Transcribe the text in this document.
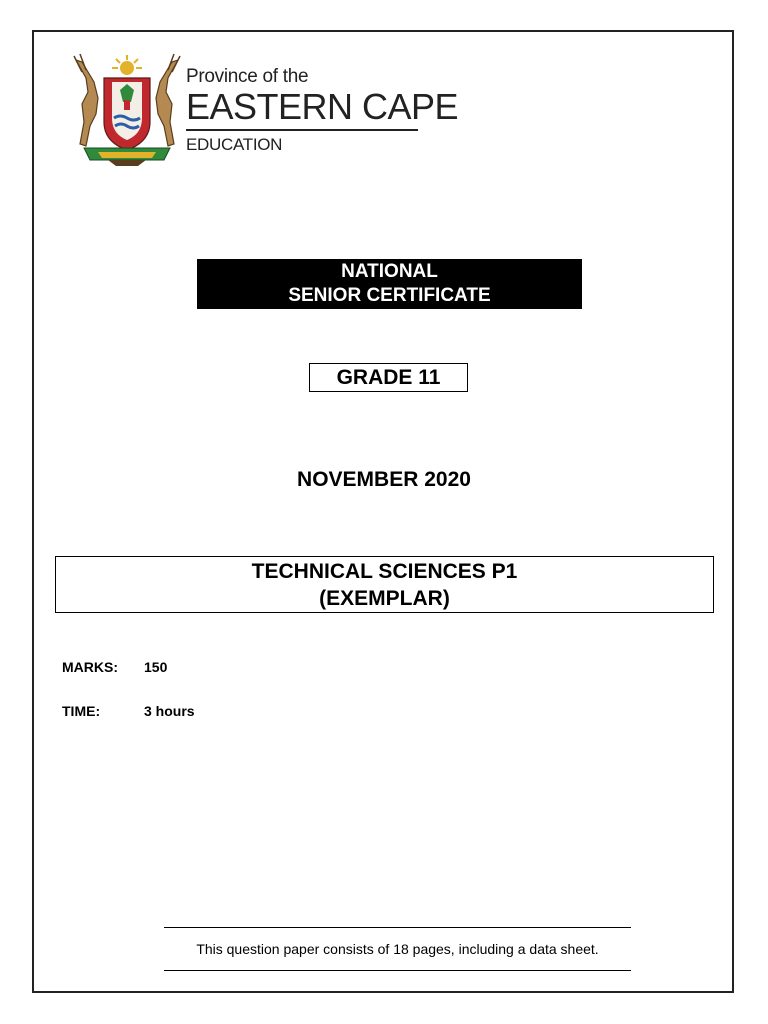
Province of the
EASTERN CAPE
EDUCATION
NATIONAL
SENIOR CERTIFICATE
GRADE 11
NOVEMBER 2020
TECHNICAL SCIENCES P1
(EXEMPLAR)
MARKS: 150
TIME:	3 hours
This question paper consists of 18 pages, including a data sheet.
